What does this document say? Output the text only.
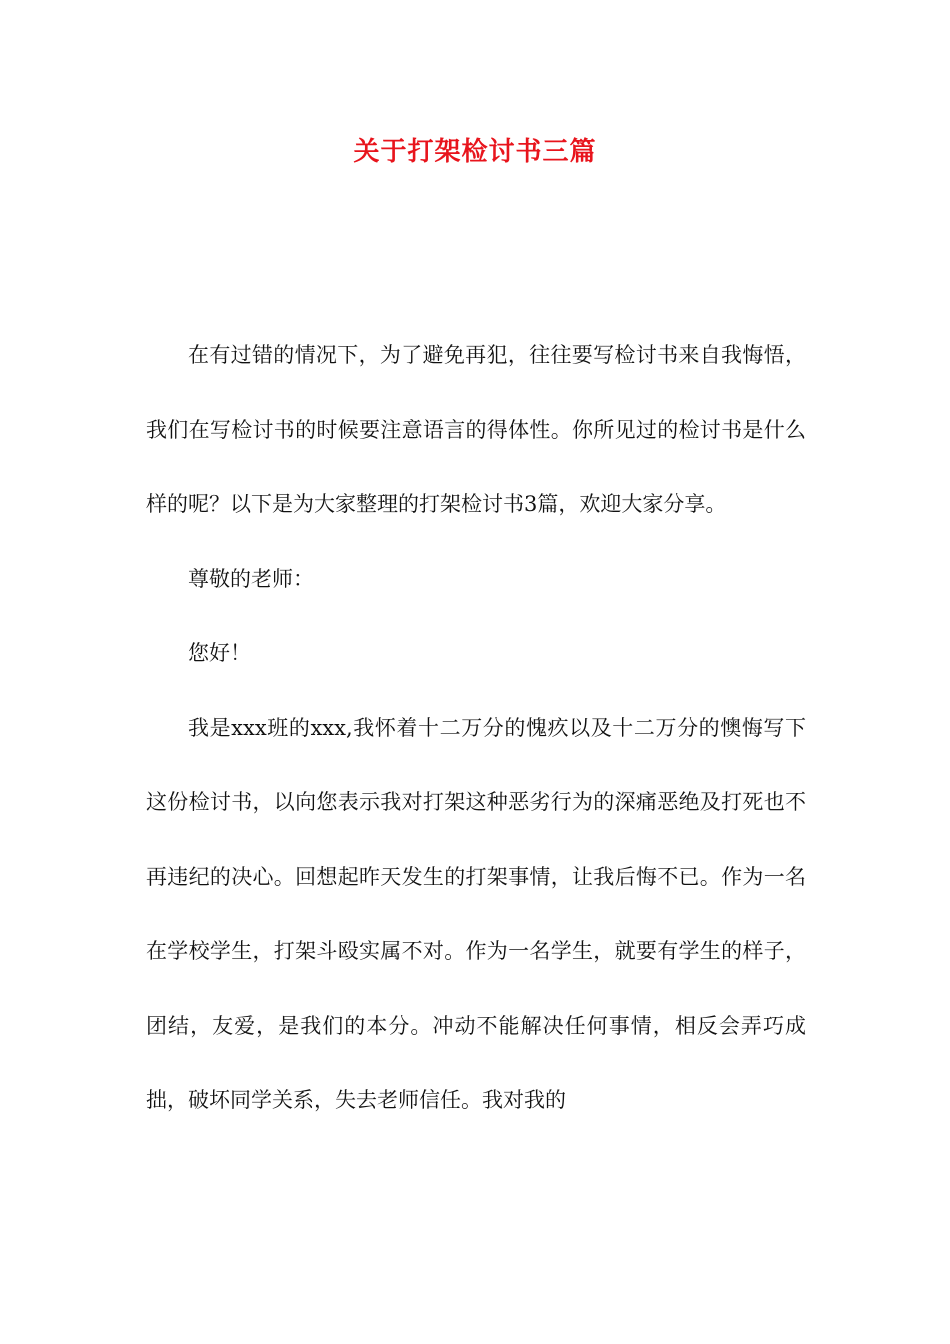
关于打架检讨书三篇

在有过错的情况下，为了避免再犯，往往要写检讨书来自我悔悟，我们在写检讨书的时候要注意语言的得体性。你所见过的检讨书是什么样的呢？以下是为大家整理的打架检讨书3篇，欢迎大家分享。

尊敬的老师：

您好！

我是xxx班的xxx,我怀着十二万分的愧疚以及十二万分的懊悔写下这份检讨书，以向您表示我对打架这种恶劣行为的深痛恶绝及打死也不再违纪的决心。回想起昨天发生的打架事情，让我后悔不已。作为一名在学校学生，打架斗殴实属不对。作为一名学生，就要有学生的样子，团结，友爱，是我们的本分。冲动不能解决任何事情，相反会弄巧成拙，破坏同学关系，失去老师信任。我对我的
